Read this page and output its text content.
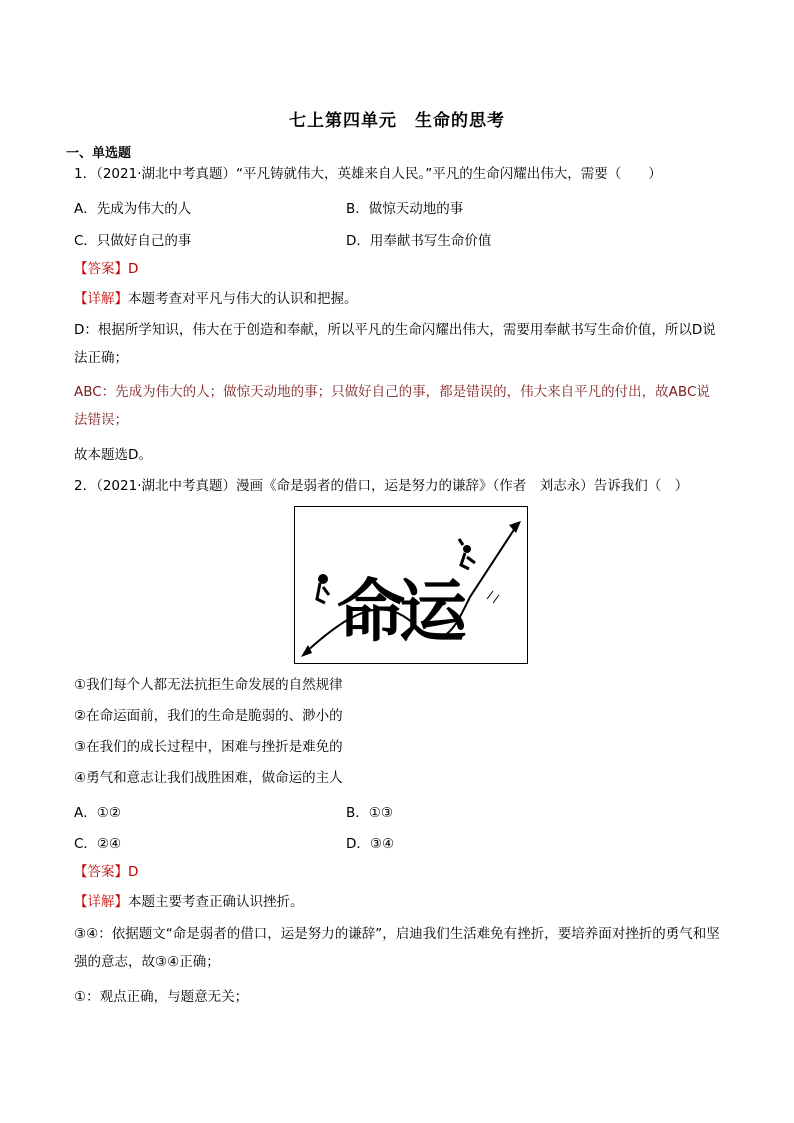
七上第四单元　生命的思考
一、单选题
1．（2021·湖北中考真题）“平凡铸就伟大，英雄来自人民。”平凡的生命闪耀出伟大，需要（　　）
A．先成为伟大的人	B．做惊天动地的事
C．只做好自己的事	D．用奉献书写生命价值
【答案】D
【详解】本题考查对平凡与伟大的认识和把握。
D：根据所学知识，伟大在于创造和奉献，所以平凡的生命闪耀出伟大，需要用奉献书写生命价值，所以D说法正确；
ABC：先成为伟大的人；做惊天动地的事；只做好自己的事，都是错误的，伟大来自平凡的付出，故ABC说法错误；
故本题选D。
2．（2021·湖北中考真题）漫画《命是弱者的借口，运是努力的谦辞》（作者　刘志永）告诉我们（　）
命
运
①我们每个人都无法抗拒生命发展的自然规律
②在命运面前，我们的生命是脆弱的、渺小的
③在我们的成长过程中，困难与挫折是难免的
④勇气和意志让我们战胜困难，做命运的主人
A．①②	B．①③
C．②④	D．③④
【答案】D
【详解】本题主要考查正确认识挫折。
③④：依据题文“命是弱者的借口，运是努力的谦辞”，启迪我们生活难免有挫折，要培养面对挫折的勇气和坚强的意志，故③④正确；
①：观点正确，与题意无关；
